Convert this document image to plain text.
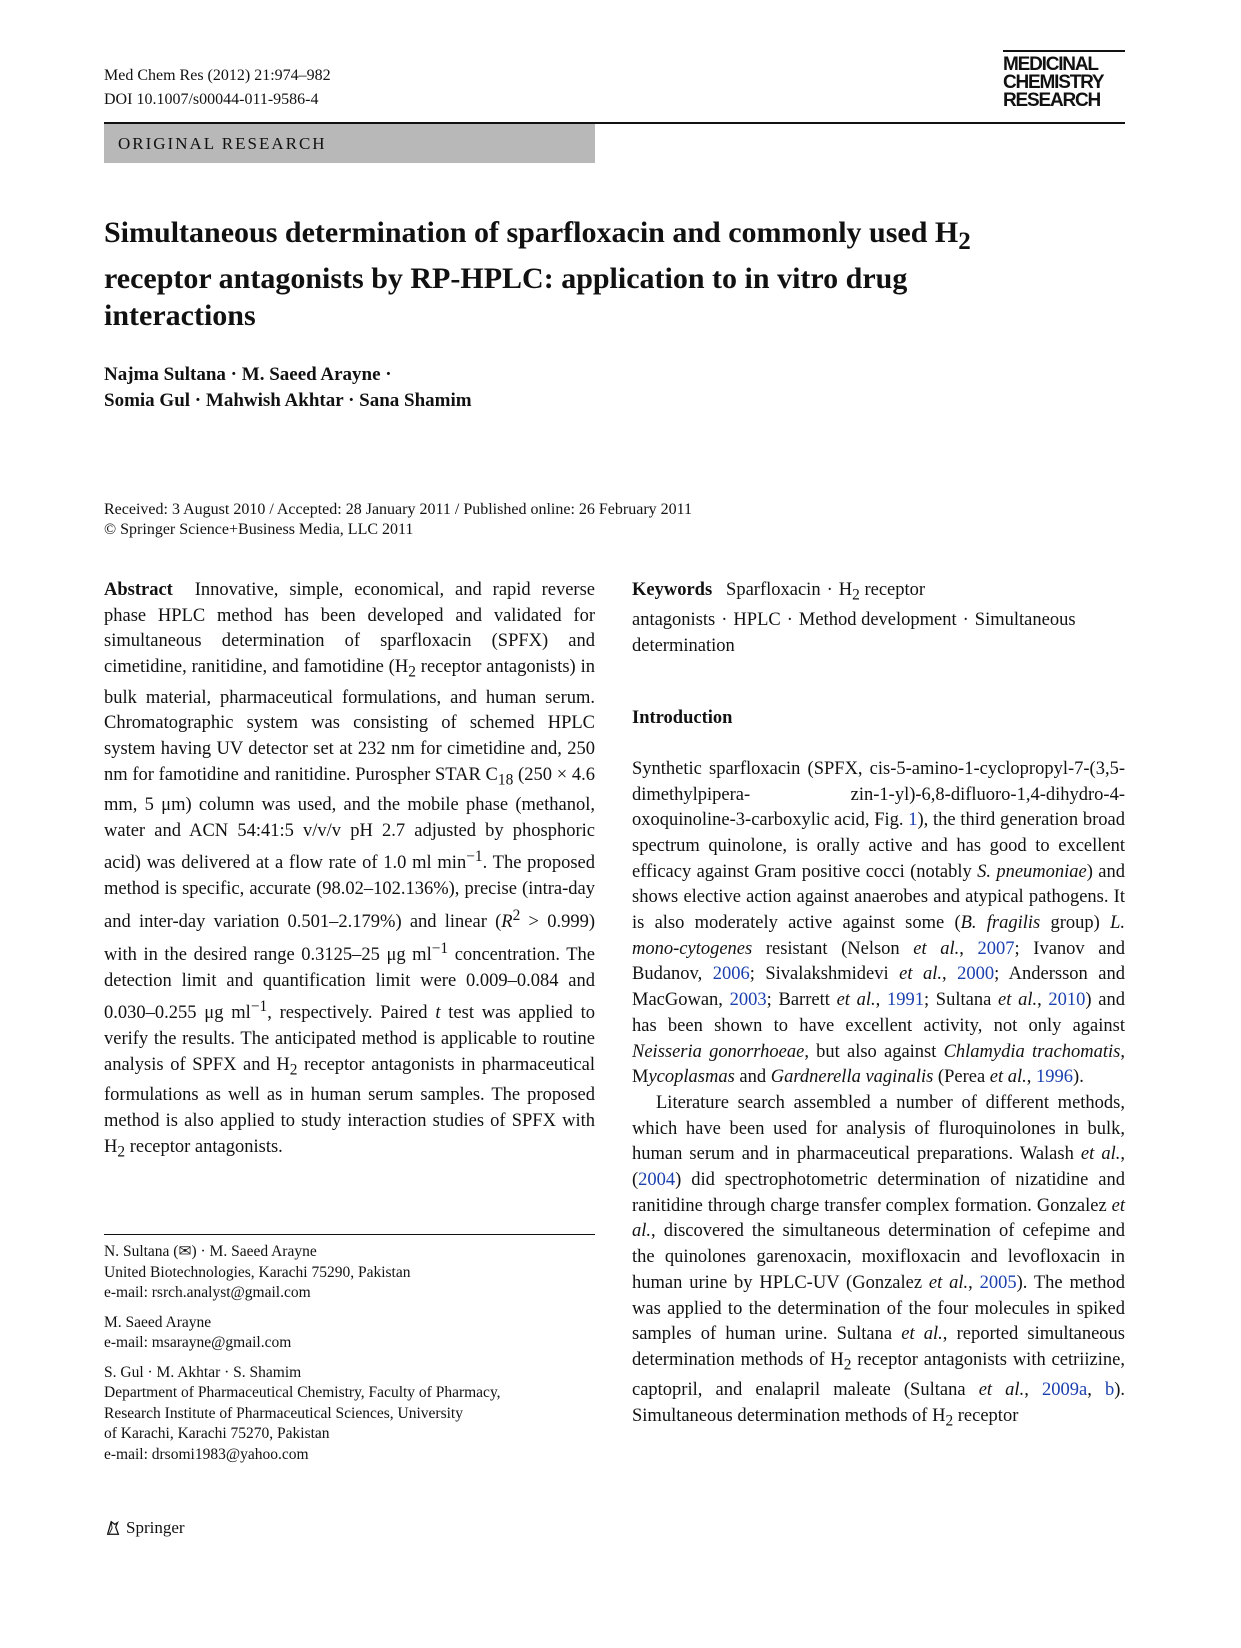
Med Chem Res (2012) 21:974–982
DOI 10.1007/s00044-011-9586-4
MEDICINAL
CHEMISTRY
RESEARCH
ORIGINAL RESEARCH
Simultaneous determination of sparfloxacin and commonly used $H_2$ receptor antagonists by RP-HPLC: application to in vitro drug interactions
Najma Sultana · M. Saeed Arayne ·
Somia Gul · Mahwish Akhtar · Sana Shamim
Received: 3 August 2010 / Accepted: 28 January 2011 / Published online: 26 February 2011
© Springer Science+Business Media, LLC 2011

Abstract Innovative, simple, economical, and rapid reverse phase HPLC method has been developed and validated for simultaneous determination of sparfloxacin (SPFX) and cimetidine, ranitidine, and famotidine ($H_2$ receptor antagonists) in bulk material, pharmaceutical formulations, and human serum. Chromatographic system was consisting of schemed HPLC system having UV detector set at 232 nm for cimetidine and, 250 nm for famotidine and ranitidine. Purospher STAR $C_{18}$ (250 × 4.6 mm, 5 μm) column was used, and the mobile phase (methanol, water and ACN 54:41:5 v/v/v pH 2.7 adjusted by phosphoric acid) was delivered at a flow rate of 1.0 ml $\min^{-1}$. The proposed method is specific, accurate (98.02–102.136%), precise (intra-day and inter-day variation 0.501–2.179%) and linear $(R^2 > 0.999)$ with in the desired range 0.3125–25 μg $ml^{-1}$ concentration. The detection limit and quantification limit were 0.009–0.084 and 0.030–0.255 μg $ml^{-1}$, respectively. Paired t test was applied to verify the results. The anticipated method is applicable to routine analysis of SPFX and $H_2$ receptor antagonists in pharmaceutical formulations as well as in human serum samples. The proposed method is also applied to study interaction studies of SPFX with $H_2$ receptor antagonists.

N. Sultana (✉) · M. Saeed Arayne
United Biotechnologies, Karachi 75290, Pakistan
e-mail: rsrch.analyst@gmail.com
M. Saeed Arayne
e-mail: msarayne@gmail.com
S. Gul · M. Akhtar · S. Shamim
Department of Pharmaceutical Chemistry, Faculty of Pharmacy,
Research Institute of Pharmaceutical Sciences, University
of Karachi, Karachi 75270, Pakistan
e-mail: drsomi1983@yahoo.com

Keywords Sparfloxacin · $H_2$ receptor antagonists · HPLC · Method development · Simultaneous determination

Introduction

Synthetic sparfloxacin (SPFX, cis-5-amino-1-cyclopropyl-7-(3,5-dimethylpipera- zin-1-yl)-6,8-difluoro-1,4-dihydro-4-oxoquinoline-3-carboxylic acid, Fig. 1), the third generation broad spectrum quinolone, is orally active and has good to excellent efficacy against Gram positive cocci (notably S. pneumoniae) and shows elective action against anaerobes and atypical pathogens. It is also moderately active against some (B. fragilis group) L. mono-cytogenes resistant (Nelson et al., 2007; Ivanov and Budanov, 2006; Sivalakshmidevi et al., 2000; Andersson and MacGowan, 2003; Barrett et al., 1991; Sultana et al., 2010) and has been shown to have excellent activity, not only against Neisseria gonorrhoeae, but also against Chlamydia trachomatis, Mycoplasmas and Gardnerella vaginalis (Perea et al., 1996).

Literature search assembled a number of different methods, which have been used for analysis of fluroquinolones in bulk, human serum and in pharmaceutical preparations. Walash et al., (2004) did spectrophotometric determination of nizatidine and ranitidine through charge transfer complex formation. Gonzalez et al., discovered the simultaneous determination of cefepime and the quinolones garenoxacin, moxifloxacin and levofloxacin in human urine by HPLC-UV (Gonzalez et al., 2005). The method was applied to the determination of the four molecules in spiked samples of human urine. Sultana et al., reported simultaneous determination methods of $H_2$ receptor antagonists with cetriizine, captopril, and enalapril maleate (Sultana et al., 2009a, b). Simultaneous determination methods of $H_2$ receptor

Springer
